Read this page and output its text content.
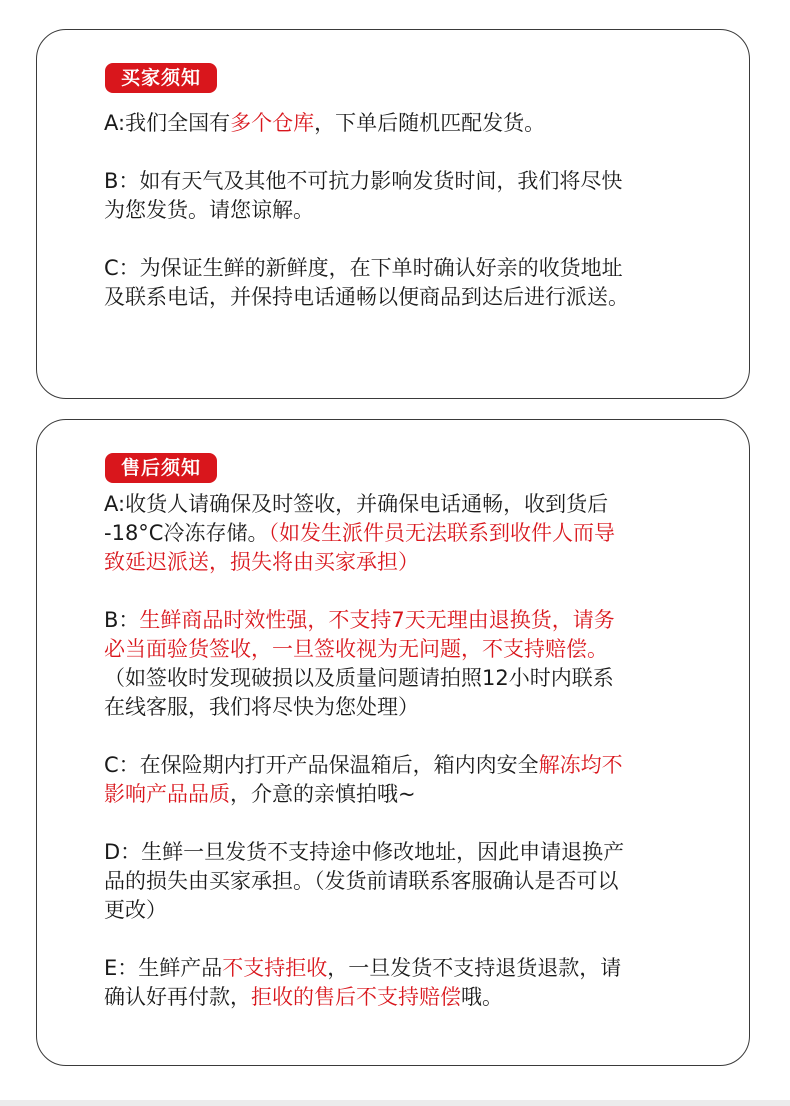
买家须知

A:我们全国有多个仓库，下单后随机匹配发货。

B：如有天气及其他不可抗力影响发货时间，我们将尽快
为您发货。请您谅解。

C：为保证生鲜的新鲜度，在下单时确认好亲的收货地址
及联系电话，并保持电话通畅以便商品到达后进行派送。

售后须知

A:收货人请确保及时签收，并确保电话通畅，收到货后
-18°C冷冻存储。（如发生派件员无法联系到收件人而导
致延迟派送，损失将由买家承担）

B：生鲜商品时效性强，不支持7天无理由退换货，请务
必当面验货签收，一旦签收视为无问题，不支持赔偿。
（如签收时发现破损以及质量问题请拍照12小时内联系
在线客服，我们将尽快为您处理）

C：在保险期内打开产品保温箱后，箱内肉安全解冻均不
影响产品品质，介意的亲慎拍哦~

D：生鲜一旦发货不支持途中修改地址，因此申请退换产
品的损失由买家承担。（发货前请联系客服确认是否可以
更改）

E：生鲜产品不支持拒收，一旦发货不支持退货退款，请
确认好再付款，拒收的售后不支持赔偿哦。
